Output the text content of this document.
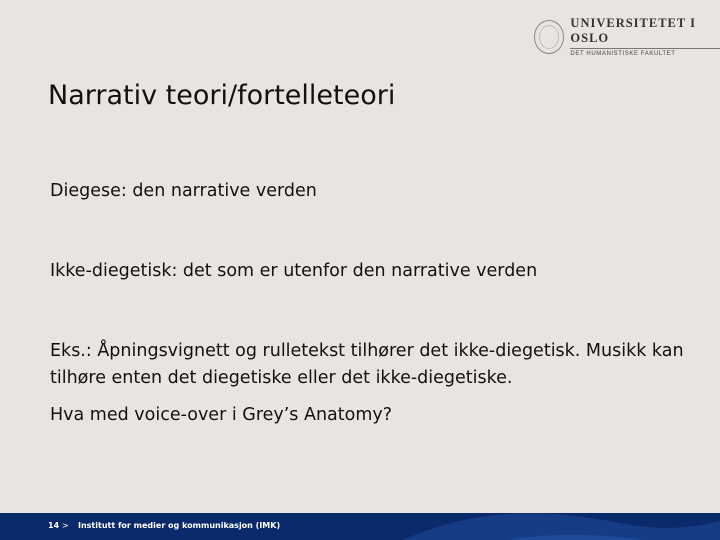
UNIVERSITETET I OSLO
DET HUMANISTISKE FAKULTET
Narrativ teori/fortelleteori

Diegese: den narrative verden

Ikke-diegetisk: det som er utenfor den narrative verden

Eks.: Åpningsvignett og rulletekst tilhører det ikke-diegetisk. Musikk kan tilhøre enten det diegetiske eller det ikke-diegetiske.

Hva med voice-over i Grey’s Anatomy?

14 > Institutt for medier og kommunikasjon (IMK)
